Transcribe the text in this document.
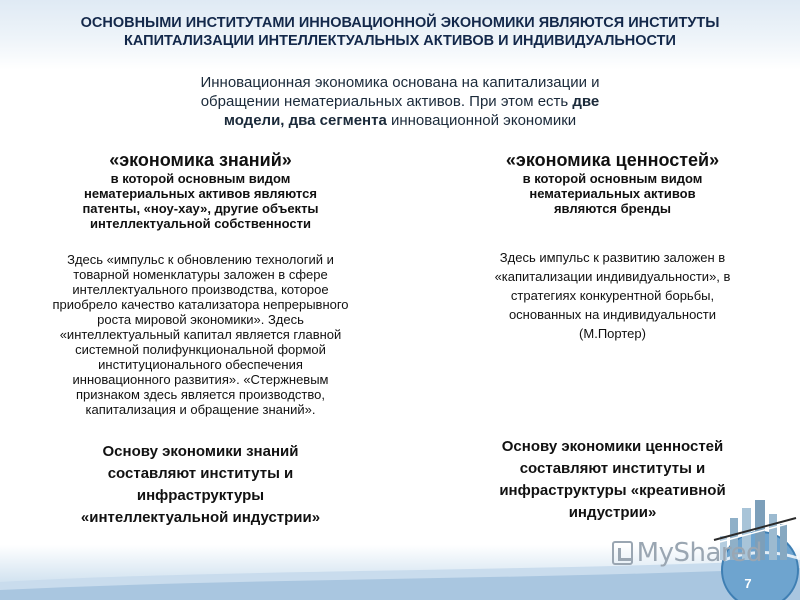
ОСНОВНЫМИ ИНСТИТУТАМИ ИННОВАЦИОННОЙ ЭКОНОМИКИ ЯВЛЯЮТСЯ ИНСТИТУТЫ
КАПИТАЛИЗАЦИИ ИНТЕЛЛЕКТУАЛЬНЫХ АКТИВОВ И ИНДИВИДУАЛЬНОСТИ
Инновационная экономика основана на капитализации и
обращении нематериальных активов. При этом есть две
модели, два сегмента инновационной экономики
«экономика знаний»
в которой основным видом
нематериальных активов являются
патенты, «ноу-хау», другие объекты
интеллектуальной собственности
Здесь «импульс к обновлению технологий и
товарной номенклатуры заложен в сфере
интеллектуального производства, которое
приобрело качество катализатора непрерывного
роста мировой экономики». Здесь
«интеллектуальный капитал является главной
системной полифункциональной формой
институционального обеспечения
инновационного развития». «Стержневым
признаком здесь является производство,
капитализация и обращение знаний».
Основу экономики знаний
составляют институты и
инфраструктуры
«интеллектуальной индустрии»
«экономика ценностей»
в которой основным видом
нематериальных активов
являются бренды
Здесь импульс к развитию заложен в
«капитализации индивидуальности», в
стратегиях конкурентной борьбы,
основанных на индивидуальности
(М.Портер)
Основу экономики ценностей
составляют институты и
инфраструктуры «креативной
индустрии»
MyShared
7
